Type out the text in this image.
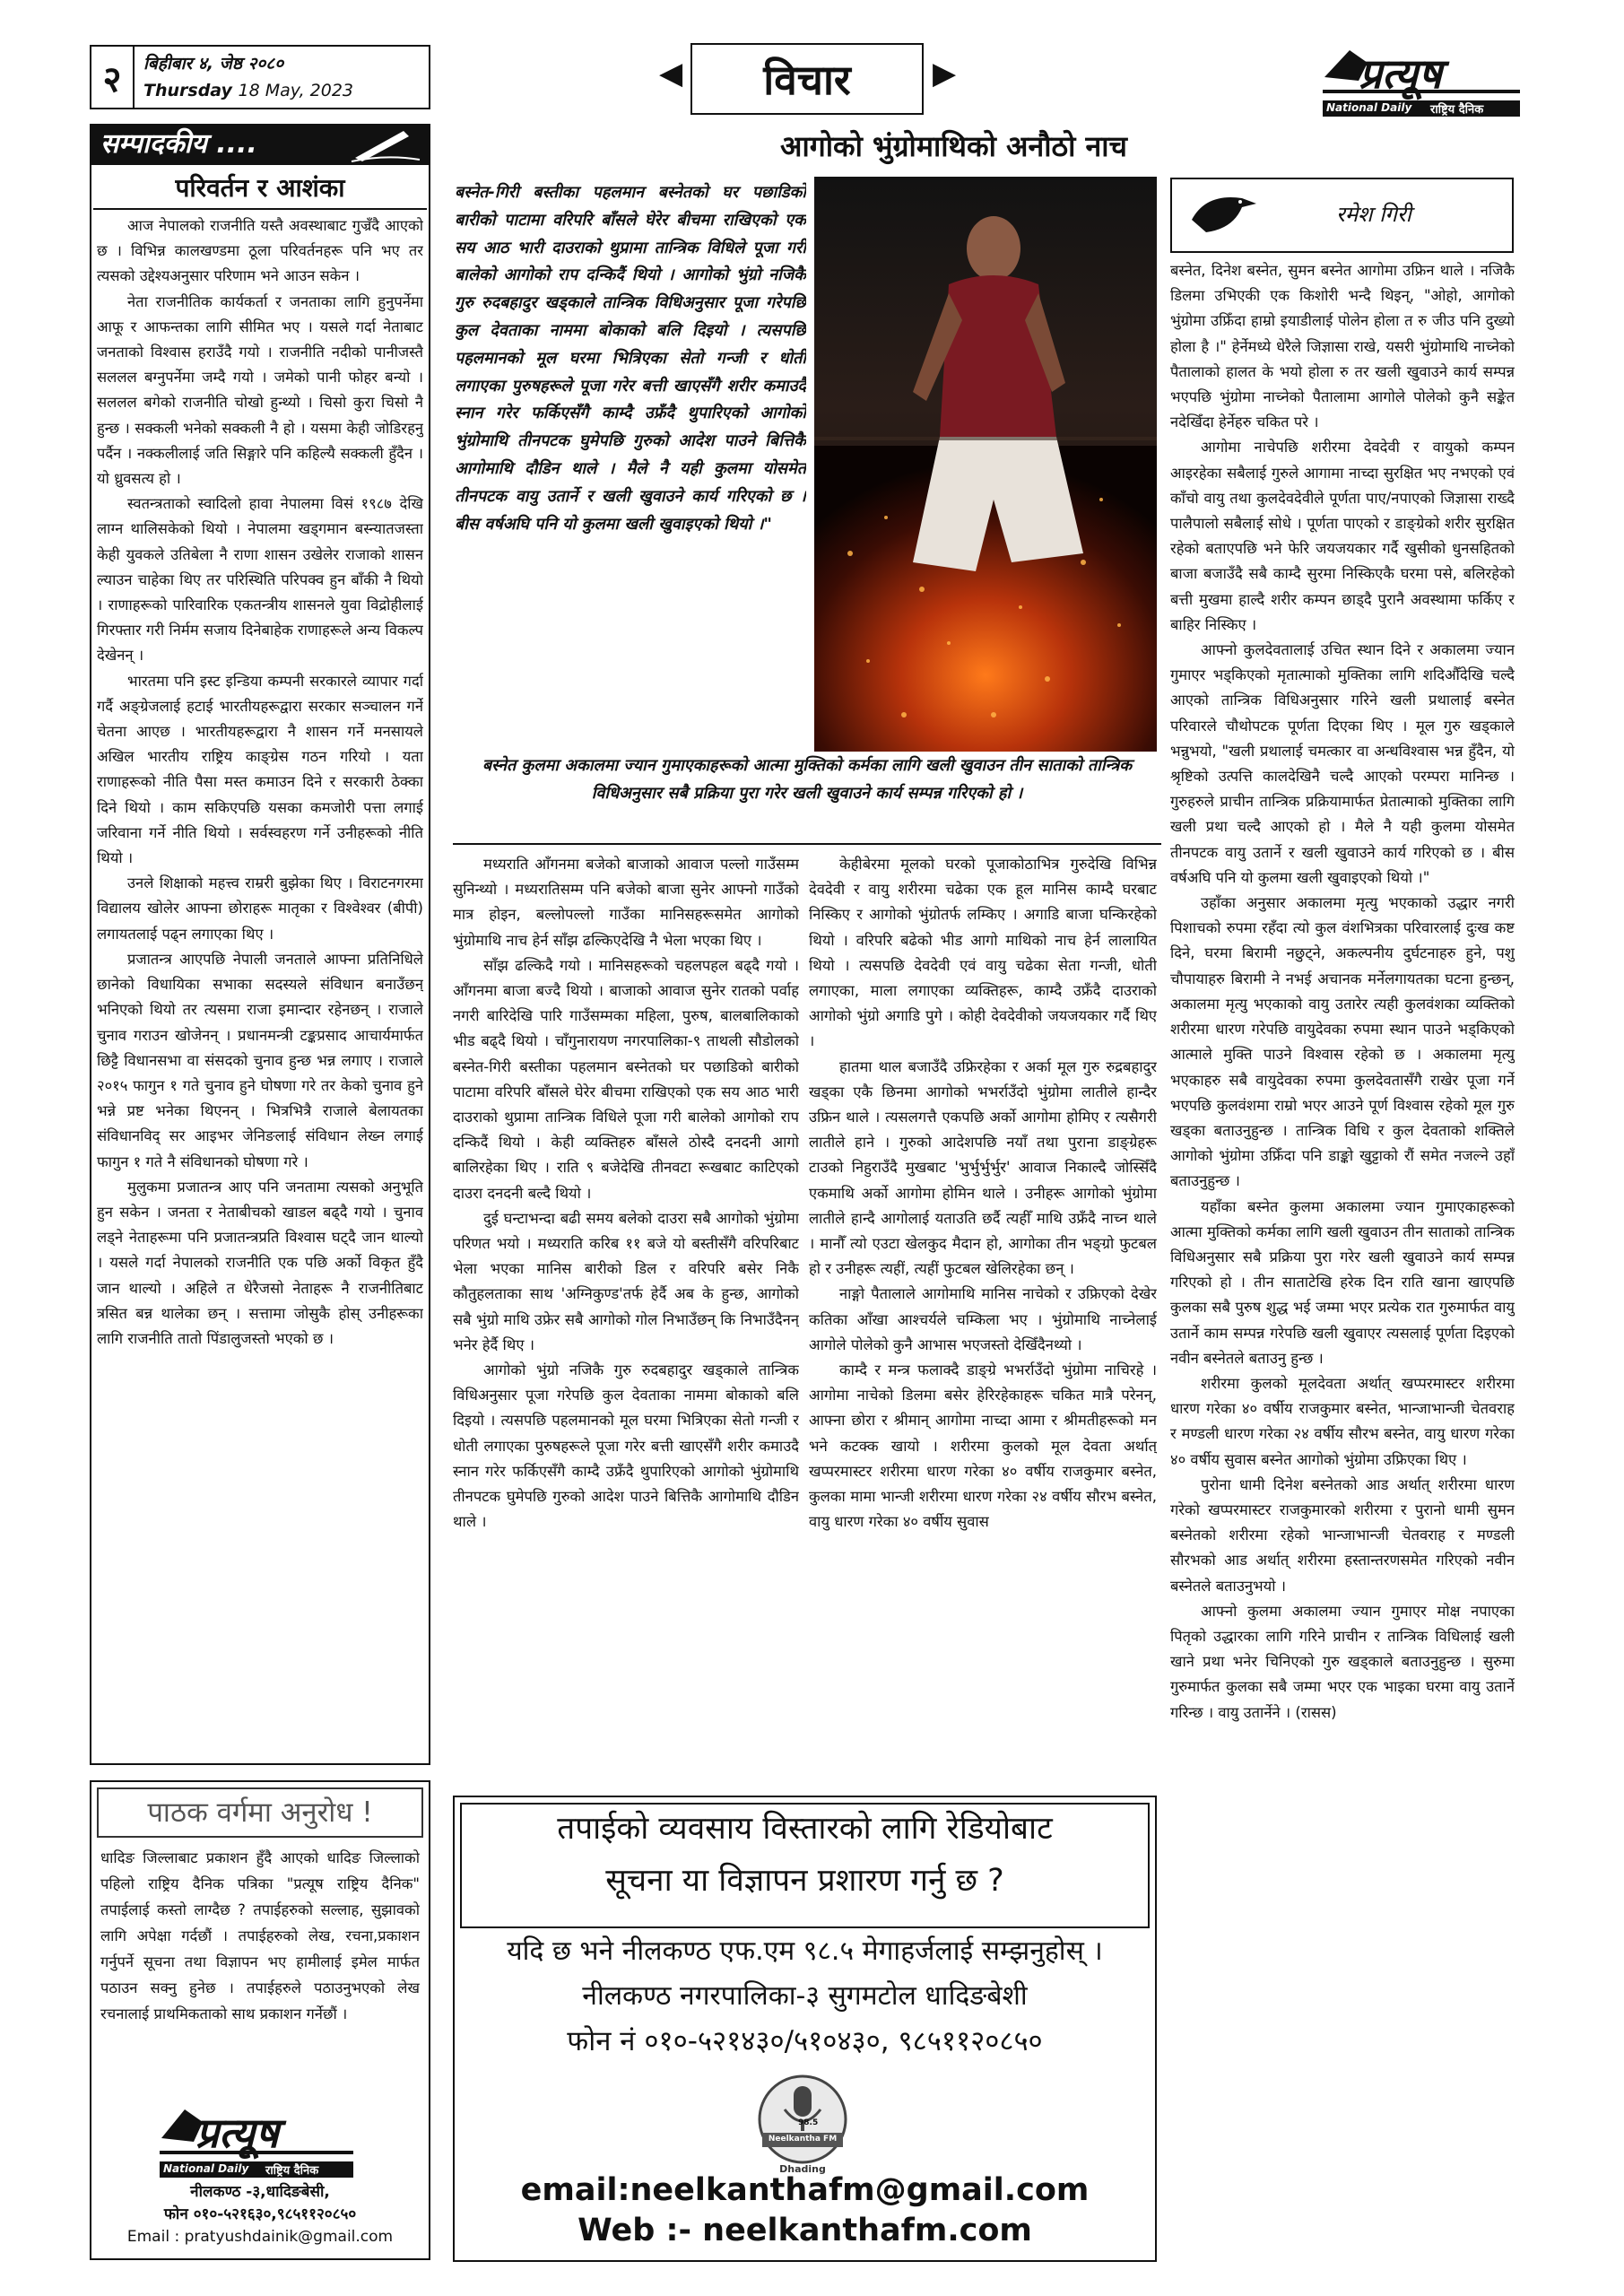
२	बिहीबार ४, जेष्ठ २०८०
Thursday 18 May, 2023	◀	विचार	▶	प्रत्यूष
National Daily राष्ट्रिय दैनिक
सम्पादकीय ....
परिवर्तन र आशंका

आज नेपालको राजनीति यस्तै अवस्थाबाट गुज्रँदै आएको छ । विभिन्न कालखण्डमा ठूला परिवर्तनहरू पनि भए तर त्यसको उद्देश्यअनुसार परिणाम भने आउन सकेन ।

नेता राजनीतिक कार्यकर्ता र जनताका लागि हुनुपर्नेमा आफू र आफन्तका लागि सीमित भए । यसले गर्दा नेताबाट जनताको विश्वास हराउँदै गयो । राजनीति नदीको पानीजस्तै सललल बग्नुपर्नेमा जम्दै गयो । जमेको पानी फोहर बन्यो । सललल बगेको राजनीति चोखो हुन्थ्यो । चिसो कुरा चिसो नै हुन्छ । सक्कली भनेको सक्कली नै हो । यसमा केही जोडिरहनु पर्दैन । नक्कलीलाई जति सिङ्गारे पनि कहिल्यै सक्कली हुँदैन । यो ध्रुवसत्य हो ।

स्वतन्त्रताको स्वादिलो हावा नेपालमा विसं १९८७ देखि लाग्न थालिसकेको थियो । नेपालमा खड्गमान बस्न्यातजस्ता केही युवकले उतिबेला नै राणा शासन उखेलेर राजाको शासन ल्याउन चाहेका थिए तर परिस्थिति परिपक्व हुन बाँकी नै थियो । राणाहरूको पारिवारिक एकतन्त्रीय शासनले युवा विद्रोहीलाई गिरफ्तार गरी निर्मम सजाय दिनेबाहेक राणाहरूले अन्य विकल्प देखेनन् ।

भारतमा पनि इस्ट इन्डिया कम्पनी सरकारले व्यापार गर्दा गर्दै अङ्ग्रेजलाई हटाई भारतीयहरूद्वारा सरकार सञ्चालन गर्ने चेतना आएछ । भारतीयहरूद्वारा नै शासन गर्ने मनसायले अखिल भारतीय राष्ट्रिय काङ्ग्रेस गठन गरियो । यता राणाहरूको नीति पैसा मस्त कमाउन दिने र सरकारी ठेक्का दिने थियो । काम सकिएपछि यसका कमजोरी पत्ता लगाई जरिवाना गर्ने नीति थियो । सर्वस्वहरण गर्ने उनीहरूको नीति थियो ।

उनले शिक्षाको महत्त्व राम्ररी बुझेका थिए । विराटनगरमा विद्यालय खोलेर आफ्ना छोराहरू मातृका र विश्वेश्वर (बीपी) लगायतलाई पढ्न लगाएका थिए ।

प्रजातन्त्र आएपछि नेपाली जनताले आफ्ना प्रतिनिधिले छानेको विधायिका सभाका सदस्यले संविधान बनाउँछन् भनिएको थियो तर त्यसमा राजा इमान्दार रहेनछन् । राजाले चुनाव गराउन खोजेनन् । प्रधानमन्त्री टङ्कप्रसाद आचार्यमार्फत छिट्टै विधानसभा वा संसदको चुनाव हुन्छ भन्न लगाए । राजाले २०१५ फागुन १ गते चुनाव हुने घोषणा गरे तर केको चुनाव हुने भन्ने प्रष्ट भनेका थिएनन् । भित्रभित्रै राजाले बेलायतका संविधानविद् सर आइभर जेनिङलाई संविधान लेख्न लगाई फागुन १ गते नै संविधानको घोषणा गरे ।

मुलुकमा प्रजातन्त्र आए पनि जनतामा त्यसको अनुभूति हुन सकेन । जनता र नेताबीचको खाडल बढ्दै गयो । चुनाव लड्ने नेताहरूमा पनि प्रजातन्त्रप्रति विश्वास घट्दै जान थाल्यो । यसले गर्दा नेपालको राजनीति एक पछि अर्को विकृत हुँदै जान थाल्यो । अहिले त धेरैजसो नेताहरू नै राजनीतिबाट त्रसित बन्न थालेका छन् । सत्तामा जोसुकै होस् उनीहरूका लागि राजनीति तातो पिंडालुजस्तो भएको छ ।

पाठक वर्गमा अनुरोध !
धादिङ जिल्लाबाट प्रकाशन हुँदै आएको धादिङ जिल्लाको पहिलो राष्ट्रिय दैनिक पत्रिका "प्रत्यूष राष्ट्रिय दैनिक" तपाईलाई कस्तो लाग्दैछ ? तपाईहरुको सल्लाह, सुझावको लागि अपेक्षा गर्दछौं । तपाईहरुको लेख, रचना,प्रकाशन गर्नुपर्ने सूचना तथा विज्ञापन भए हामीलाई इमेल मार्फत पठाउन सक्नु हुनेछ । तपाईहरुले पठाउनुभएको लेख रचनालाई प्राथमिकताको साथ प्रकाशन गर्नेछौं ।
प्रत्यूष
National Daily राष्ट्रिय दैनिक
नीलकण्ठ -३,धादिङबेसी,
फोन ०१०-५२१६३०,९८५११२०८५०
Email : pratyushdainik@gmail.com
आगोको भुंग्रोमाथिको अनौठो नाच
बस्नेत-गिरी बस्तीका पहलमान बस्नेतको घर पछाडिको बारीको पाटामा वरिपरि बाँसले घेरेर बीचमा राखिएको एक सय आठ भारी दाउराको थुप्रामा तान्त्रिक विधिले पूजा गरी बालेको आगोको राप दन्किदैं थियो । आगोको भुंग्रो नजिकै गुरु रुदबहादुर खड्काले तान्त्रिक विधिअनुसार पूजा गरेपछि कुल देवताका नाममा बोकाको बलि दिइयो । त्यसपछि पहलमानको मूल घरमा भित्रिएका सेतो गन्जी र धोती लगाएका पुरुषहरूले पूजा गरेर बत्ती खाएसँगै शरीर कमाउदै स्नान गरेर फर्किएसँगै काम्दै उफ्रँदै थुपारिएको आगोको भुंग्रोमाथि तीनपटक घुमेपछि गुरुको आदेश पाउने बित्तिकै आगोमाथि दौडिन थाले । मैले नै यही कुलमा योसमेत तीनपटक वायु उतार्ने र खली खुवाउने कार्य गरिएको छ । बीस वर्षअघि पनि यो कुलमा खली खुवाइएको थियो ।"
बस्नेत कुलमा अकालमा ज्यान गुमाएकाहरूको आत्मा मुक्तिको कर्मका लागि खली खुवाउन तीन साताको तान्त्रिक विधिअनुसार सबै प्रक्रिया पुरा गरेर खली खुवाउने कार्य सम्पन्न गरिएको हो ।
रमेश गिरी

मध्यराति आँगनमा बजेको बाजाको आवाज पल्लो गाउँसम्म सुनिन्थ्यो । मध्यरातिसम्म पनि बजेको बाजा सुनेर आफ्नो गाउँको मात्र होइन, बल्लोपल्लो गाउँका मानिसहरूसमेत आगोको भुंग्रोमाथि नाच हेर्न साँझ ढल्किएदेखि नै भेला भएका थिए ।

साँझ ढल्किदै गयो । मानिसहरूको चहलपहल बढ्दै गयो । आँगनमा बाजा बज्दै थियो । बाजाको आवाज सुनेर रातको पर्वाह नगरी बारिदेखि पारि गाउँसम्मका महिला, पुरुष, बालबालिकाको भीड बढ्दै थियो । चाँगुनारायण नगरपालिका-९ ताथली सौडोलको बस्नेत-गिरी बस्तीका पहलमान बस्नेतको घर पछाडिको बारीको पाटामा वरिपरि बाँसले घेरेर बीचमा राखिएको एक सय आठ भारी दाउराको थुप्रामा तान्त्रिक विधिले पूजा गरी बालेको आगोको राप दन्किदैं थियो । केही व्यक्तिहरु बाँसले ठोस्दै दनदनी आगो बालिरहेका थिए । राति ९ बजेदेखि तीनवटा रूखबाट काटिएको दाउरा दनदनी बल्दै थियो ।

दुई घन्टाभन्दा बढी समय बलेको दाउरा सबै आगोको भुंग्रोमा परिणत भयो । मध्यराति करिब ११ बजे यो बस्तीसँगै वरिपरिबाट भेला भएका मानिस बारीको डिल र वरिपरि बसेर निकै कौतुहलताका साथ 'अग्निकुण्ड'तर्फ हेर्दै अब के हुन्छ, आगोको सबै भुंग्रो माथि उफ्रेर सबै आगोको गोल निभाउँछन् कि निभाउँदैनन् भनेर हेर्दै थिए ।

आगोको भुंग्रो नजिकै गुरु रुदबहादुर खड्काले तान्त्रिक विधिअनुसार पूजा गरेपछि कुल देवताका नाममा बोकाको बलि दिइयो । त्यसपछि पहलमानको मूल घरमा भित्रिएका सेतो गन्जी र धोती लगाएका पुरुषहरूले पूजा गरेर बत्ती खाएसँगै शरीर कमाउदै स्नान गरेर फर्किएसँगै काम्दै उफ्रँदै थुपारिएको आगोको भुंग्रोमाथि तीनपटक घुमेपछि गुरुको आदेश पाउने बित्तिकै आगोमाथि दौडिन थाले ।

केहीबेरमा मूलको घरको पूजाकोठाभित्र गुरुदेखि विभिन्न देवदेवी र वायु शरीरमा चढेका एक हूल मानिस काम्दै घरबाट निस्किए र आगोको भुंग्रोतर्फ लम्किए । अगाडि बाजा घन्किरहेको थियो । वरिपरि बढेको भीड आगो माथिको नाच हेर्न लालायित थियो । त्यसपछि देवदेवी एवं वायु चढेका सेता गन्जी, धोती लगाएका, माला लगाएका व्यक्तिहरू, काम्दै उफ्रँदै दाउराको आगोको भुंग्रो अगाडि पुगे । कोही देवदेवीको जयजयकार गर्दै थिए ।

हातमा थाल बजाउँदै उफ्रिरहेका र अर्का मूल गुरु रुद्रबहादुर खड्का एकै छिनमा आगोको भभर्राउँदो भुंग्रोमा लातीले हान्दैर उफ्रिन थाले । त्यसलगत्तै एकपछि अर्को आगोमा होमिए र त्यसैगरी लातीले हाने । गुरुको आदेशपछि नयाँ तथा पुराना डाङ्ग्रेहरू टाउको निहुराउँदै मुखबाट 'भुर्भुर्भुर्भुर' आवाज निकाल्दै जोस्सिँदै एकमाथि अर्को आगोमा होमिन थाले । उनीहरू आगोको भुंग्रोमा लातीले हान्दै आगोलाई यताउति छर्दै त्यहीँ माथि उफ्रँदै नाच्न थाले । मानौँ त्यो एउटा खेलकुद मैदान हो, आगोका तीन भङ्ग्रो फुटबल हो र उनीहरू त्यहीं, त्यहीं फुटबल खेलिरहेका छन् ।

नाङ्गो पैतालाले आगोमाथि मानिस नाचेको र उफ्रिएको देखेर कतिका आँखा आश्चर्यले चम्किला भए । भुंग्रोमाथि नाच्नेलाई आगोले पोलेको कुनै आभास भएजस्तो देखिँदैनथ्यो ।

काम्दै र मन्त्र फलाक्दै डाङ्ग्रे भभर्राउँदो भुंग्रोमा नाचिरहे । आगोमा नाचेको डिलमा बसेर हेरिरहेकाहरू चकित मात्रै परेनन्, आफ्ना छोरा र श्रीमान् आगोमा नाच्दा आमा र श्रीमतीहरूको मन भने कटक्क खायो । शरीरमा कुलको मूल देवता अर्थात् खप्परमास्टर शरीरमा धारण गरेका ४० वर्षीय राजकुमार बस्नेत, कुलका मामा भान्जी शरीरमा धारण गरेका २४ वर्षीय सौरभ बस्नेत, वायु धारण गरेका ४० वर्षीय सुवास

बस्नेत, दिनेश बस्नेत, सुमन बस्नेत आगोमा उफ्रिन थाले । नजिकै डिलमा उभिएकी एक किशोरी भन्दै थिइन्, "ओहो, आगोको भुंग्रोमा उफ्रिँदा हाम्रो इयाडीलाई पोलेन होला त रु जीउ पनि दुख्यो होला है ।" हेर्नेमध्ये धेरैले जिज्ञासा राखे, यसरी भुंग्रोमाथि नाच्नेको पैतालाको हालत के भयो होला रु तर खली खुवाउने कार्य सम्पन्न भएपछि भुंग्रोमा नाच्नेको पैतालामा आगोले पोलेको कुनै सङ्केत नदेखिँदा हेर्नेहरु चकित परे ।

आगोमा नाचेपछि शरीरमा देवदेवी र वायुको कम्पन आइरहेका सबैलाई गुरुले आगामा नाच्दा सुरक्षित भए नभएको एवं काँचो वायु तथा कुलदेवदेवीले पूर्णता पाए/नपाएको जिज्ञासा राख्दै पालैपालो सबैलाई सोधे । पूर्णता पाएको र डाङ्ग्रेको शरीर सुरक्षित रहेको बताएपछि भने फेरि जयजयकार गर्दै खुसीको धुनसहितको बाजा बजाउँदै सबै काम्दै सुरमा निस्किएकै घरमा पसे, बलिरहेको बत्ती मुखमा हाल्दै शरीर कम्पन छाड्दै पुरानै अवस्थामा फर्किए र बाहिर निस्किए ।

आफ्नो कुलदेवतालाई उचित स्थान दिने र अकालमा ज्यान गुमाएर भड्किएको मृतात्माको मुक्तिका लागि शदिऔँदेखि चल्दै आएको तान्त्रिक विधिअनुसार गरिने खली प्रथालाई बस्नेत परिवारले चौथोपटक पूर्णता दिएका थिए । मूल गुरु खड्काले भन्नुभयो, "खली प्रथालाई चमत्कार वा अन्धविश्वास भन्न हुँदैन, यो श्रृष्टिको उत्पत्ति कालदेखिनै चल्दै आएको परम्परा मानिन्छ । गुरुहरुले प्राचीन तान्त्रिक प्रक्रियामार्फत प्रेतात्माको मुक्तिका लागि खली प्रथा चल्दै आएको हो । मैले नै यही कुलमा योसमेत तीनपटक वायु उतार्ने र खली खुवाउने कार्य गरिएको छ । बीस वर्षअघि पनि यो कुलमा खली खुवाइएको थियो ।"

उहाँका अनुसार अकालमा मृत्यु भएकाको उद्धार नगरी पिशाचको रुपमा रहँदा त्यो कुल वंशभित्रका परिवारलाई दुःख कष्ट दिने, घरमा बिरामी नछुट्ने, अकल्पनीय दुर्घटनाहरु हुने, पशु चौपायाहरु बिरामी ने नभई अचानक मर्नेलगायतका घटना हुन्छन्, अकालमा मृत्यु भएकाको वायु उतारेर त्यही कुलवंशका व्यक्तिको शरीरमा धारण गरेपछि वायुदेवका रुपमा स्थान पाउने भड्किएको आत्माले मुक्ति पाउने विश्वास रहेको छ । अकालमा मृत्यु भएकाहरु सबै वायुदेवका रुपमा कुलदेवतासँगै राखेर पूजा गर्ने भएपछि कुलवंशमा राम्रो भएर आउने पूर्ण विश्वास रहेको मूल गुरु खड्का बताउनुहुन्छ । तान्त्रिक विधि र कुल देवताको शक्तिले आगोको भुंग्रोमा उफ्रिँदा पनि डाङ्को खुट्टाको रौं समेत नजल्ने उहाँ बताउनुहुन्छ ।

यहाँका बस्नेत कुलमा अकालमा ज्यान गुमाएकाहरूको आत्मा मुक्तिको कर्मका लागि खली खुवाउन तीन साताको तान्त्रिक विधिअनुसार सबै प्रक्रिया पुरा गरेर खली खुवाउने कार्य सम्पन्न गरिएको हो । तीन साताटेखि हरेक दिन राति खाना खाएपछि कुलका सबै पुरुष शुद्ध भई जम्मा भएर प्रत्येक रात गुरुमार्फत वायु उतार्ने काम सम्पन्न गरेपछि खली खुवाएर त्यसलाई पूर्णता दिइएको नवीन बस्नेतले बताउनु हुन्छ ।

शरीरमा कुलको मूलदेवता अर्थात् खप्परमास्टर शरीरमा धारण गरेका ४० वर्षीय राजकुमार बस्नेत, भान्जाभान्जी चेतवराह र मण्डली धारण गरेका २४ वर्षीय सौरभ बस्नेत, वायु धारण गरेका ४० वर्षीय सुवास बस्नेत आगोको भुंग्रोमा उफ्रिएका थिए ।

पुरोना धामी दिनेश बस्नेतको आड अर्थात् शरीरमा धारण गरेको खप्परमास्टर राजकुमारको शरीरमा र पुरानो धामी सुमन बस्नेतको शरीरमा रहेको भान्जाभान्जी चेतवराह र मण्डली सौरभको आड अर्थात् शरीरमा हस्तान्तरणसमेत गरिएको नवीन बस्नेतले बताउनुभयो ।

आफ्नो कुलमा अकालमा ज्यान गुमाएर मोक्ष नपाएका पितृको उद्धारका लागि गरिने प्राचीन र तान्त्रिक विधिलाई खली खाने प्रथा भनेर चिनिएको गुरु खड्काले बताउनुहुन्छ । सुरुमा गुरुमार्फत कुलका सबै जम्मा भएर एक भाइका घरमा वायु उतार्ने गरिन्छ । वायु उतार्नेने । (रासस)

तपाईको व्यवसाय विस्तारको लागि रेडियोबाट
सूचना या विज्ञापन प्रशारण गर्नु छ ?
यदि छ भने नीलकण्ठ एफ.एम ९८.५ मेगाहर्जलाई सम्झनुहोस् ।
नीलकण्ठ नगरपालिका-३ सुगमटोल धादिङबेशी
फोन नं ०१०-५२१४३०/५१०४३०, ९८५११२०८५०
98.5
Neelkantha FM
Dhading
email:neelkanthafm@gmail.com
Web :- neelkanthafm.com
